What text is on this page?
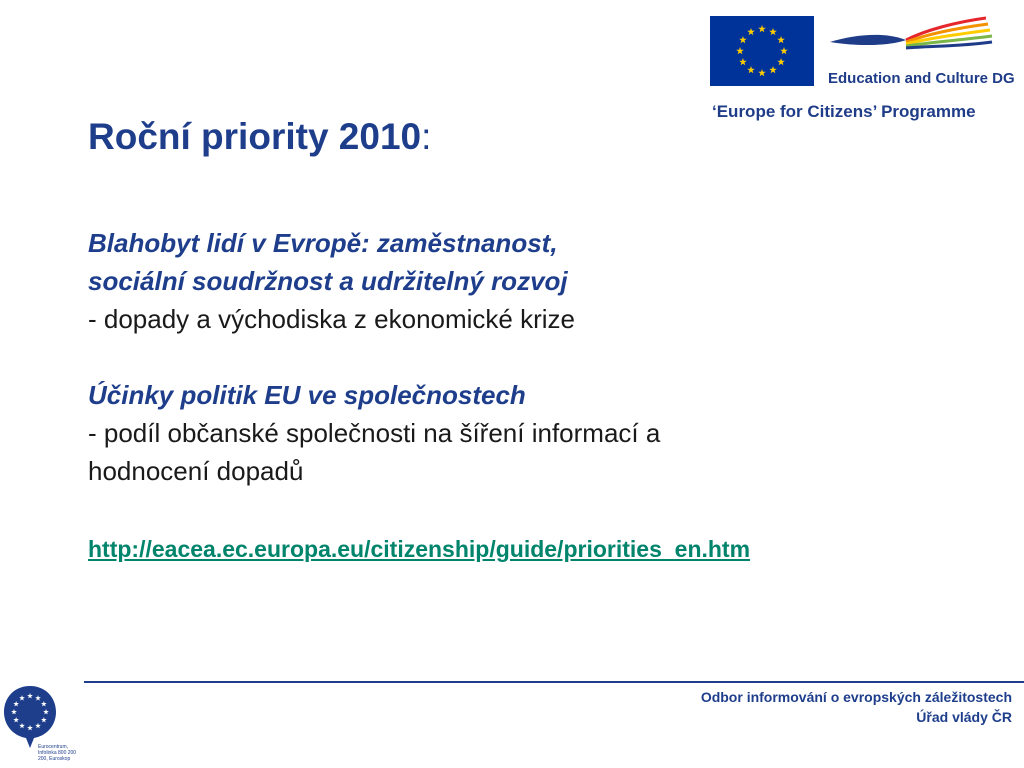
Education and Culture DG
‘Europe for Citizens’ Programme
Roční priority 2010:

Blahobyt lidí v Evropě: zaměstnanost,

sociální soudržnost a udržitelný rozvoj

- dopady a východiska z ekonomické krize

Účinky politik EU ve společnostech

- podíl občanské společnosti na šíření informací a

hodnocení dopadů

http://eacea.ec.europa.eu/citizenship/guide/priorities_en.htm
Eurocentrum, Infolinka 800 200 200, Euroskop
Odbor informování o evropských záležitostech
Úřad vlády ČR
